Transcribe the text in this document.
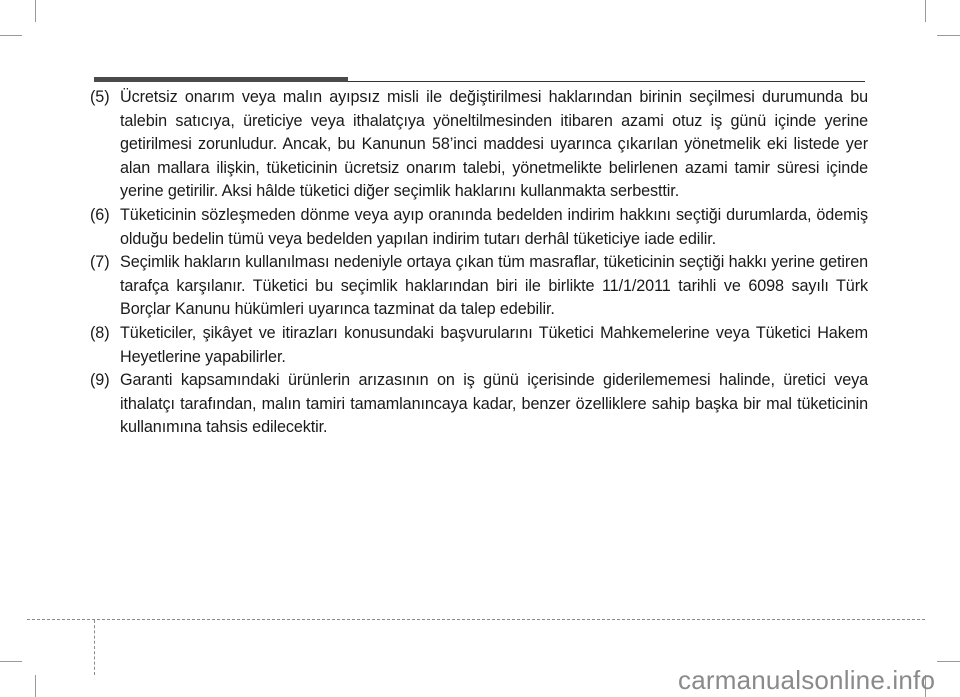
(5) Ücretsiz onarım veya malın ayıpsız misli ile değiştirilmesi haklarından birinin seçilmesi durumunda bu talebin satıcıya, üreticiye veya ithalatçıya yöneltilmesinden itibaren azami otuz iş günü içinde yerine getirilmesi zorunludur. Ancak, bu Kanunun 58’inci maddesi uyarınca çıkarılan yönetmelik eki listede yer alan mallara ilişkin, tüketicinin ücretsiz onarım talebi, yönetmelikte belirlenen azami tamir süresi içinde yerine getirilir. Aksi hâlde tüketici diğer seçimlik haklarını kullanmakta serbesttir.
(6) Tüketicinin sözleşmeden dönme veya ayıp oranında bedelden indirim hakkını seçtiği durumlarda, ödemiş olduğu bedelin tümü veya bedelden yapılan indirim tutarı derhâl tüketiciye iade edilir.
(7) Seçimlik hakların kullanılması nedeniyle ortaya çıkan tüm masraflar, tüketicinin seçtiği hakkı yerine getiren tarafça karşılanır. Tüketici bu seçimlik haklarından biri ile birlikte 11/1/2011 tarihli ve 6098 sayılı Türk Borçlar Kanunu hükümleri uyarınca tazminat da talep edebilir.
(8) Tüketiciler, şikâyet ve itirazları konusundaki başvurularını Tüketici Mahkemelerine veya Tüketici Hakem Heyetlerine yapabilirler.
(9) Garanti kapsamındaki ürünlerin arızasının on iş günü içerisinde giderilememesi halinde, üretici veya ithalatçı tarafından, malın tamiri tamamlanıncaya kadar, benzer özelliklere sahip başka bir mal tüketicinin kullanımına tahsis edilecektir.
carmanualsonline.info
